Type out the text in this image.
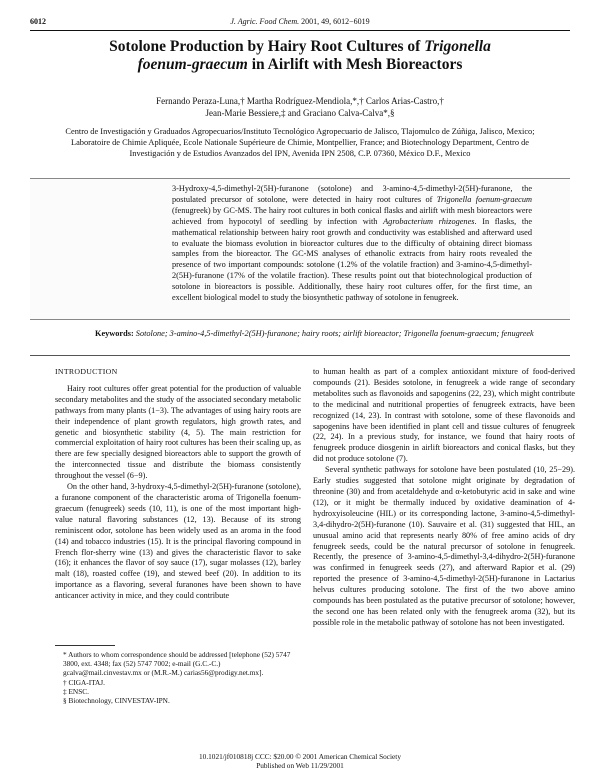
6012	J. Agric. Food Chem. 2001, 49, 6012−6019
Sotolone Production by Hairy Root Cultures of Trigonella
foenum-graecum in Airlift with Mesh Bioreactors
Fernando Peraza-Luna,† Martha Rodríguez-Mendiola,*,† Carlos Arias-Castro,†
Jean-Marie Bessiere,‡ and Graciano Calva-Calva*,§
Centro de Investigación y Graduados Agropecuarios/Instituto Tecnológico Agropecuario de Jalisco, Tlajomulco de Zúñiga, Jalisco, Mexico; Laboratoire de Chimie Apliquée, Ecole Nationale Supérieure de Chimie, Montpellier, France; and Biotechnology Department, Centro de Investigación y de Estudios Avanzados del IPN, Avenida IPN 2508, C.P. 07360, México D.F., Mexico
3-Hydroxy-4,5-dimethyl-2(5H)-furanone (sotolone) and 3-amino-4,5-dimethyl-2(5H)-furanone, the postulated precursor of sotolone, were detected in hairy root cultures of Trigonella foenum-graecum (fenugreek) by GC-MS. The hairy root cultures in both conical flasks and airlift with mesh bioreactors were achieved from hypocotyl of seedling by infection with Agrobacterium rhizogenes. In flasks, the mathematical relationship between hairy root growth and conductivity was established and afterward used to evaluate the biomass evolution in bioreactor cultures due to the difficulty of obtaining direct biomass samples from the bioreactor. The GC-MS analyses of ethanolic extracts from hairy roots revealed the presence of two important compounds: sotolone (1.2% of the volatile fraction) and 3-amino-4,5-dimethyl-2(5H)-furanone (17% of the volatile fraction). These results point out that biotechnological production of sotolone in bioreactors is possible. Additionally, these hairy root cultures offer, for the first time, an excellent biological model to study the biosynthetic pathway of sotolone in fenugreek.
Keywords: Sotolone; 3-amino-4,5-dimethyl-2(5H)-furanone; hairy roots; airlift bioreactor; Trigonella foenum-graecum; fenugreek
INTRODUCTION

Hairy root cultures offer great potential for the production of valuable secondary metabolites and the study of the associated secondary metabolic pathways from many plants (1−3). The advantages of using hairy roots are their independence of plant growth regulators, high growth rates, and genetic and biosynthetic stability (4, 5). The main restriction for commercial exploitation of hairy root cultures has been their scaling up, as there are few specially designed bioreactors able to support the growth of the interconnected tissue and distribute the biomass consistently throughout the vessel (6−9).

On the other hand, 3-hydroxy-4,5-dimethyl-2(5H)-furanone (sotolone), a furanone component of the characteristic aroma of Trigonella foenum-graecum (fenugreek) seeds (10, 11), is one of the most important high-value natural flavoring substances (12, 13). Because of its strong reminiscent odor, sotolone has been widely used as an aroma in the food (14) and tobacco industries (15). It is the principal flavoring compound in French flor-sherry wine (13) and gives the characteristic flavor to sake (16); it enhances the flavor of soy sauce (17), sugar molasses (12), barley malt (18), roasted coffee (19), and stewed beef (20). In addition to its importance as a flavoring, several furanones have been shown to have anticancer activity in mice, and they could contribute

to human health as part of a complex antioxidant mixture of food-derived compounds (21). Besides sotolone, in fenugreek a wide range of secondary metabolites such as flavonoids and sapogenins (22, 23), which might contribute to the medicinal and nutritional properties of fenugreek extracts, have been recognized (14, 23). In contrast with sotolone, some of these flavonoids and sapogenins have been identified in plant cell and tissue cultures of fenugreek (22, 24). In a previous study, for instance, we found that hairy roots of fenugreek produce diosgenin in airlift bioreactors and conical flasks, but they did not produce sotolone (7).

Several synthetic pathways for sotolone have been postulated (10, 25−29). Early studies suggested that sotolone might originate by degradation of threonine (30) and from acetaldehyde and α-ketobutyric acid in sake and wine (12), or it might be thermally induced by oxidative deamination of 4-hydroxyisoleucine (HIL) or its corresponding lactone, 3-amino-4,5-dimethyl-3,4-dihydro-2(5H)-furanone (10). Sauvaire et al. (31) suggested that HIL, an unusual amino acid that represents nearly 80% of free amino acids of dry fenugreek seeds, could be the natural precursor of sotolone in fenugreek. Recently, the presence of 3-amino-4,5-dimethyl-3,4-dihydro-2(5H)-furanone was confirmed in fenugreek seeds (27), and afterward Rapior et al. (29) reported the presence of 3-amino-4,5-dimethyl-2(5H)-furanone in Lactarius helvus cultures producing sotolone. The first of the two above amino compounds has been postulated as the putative precursor of sotolone; however, the second one has been related only with the fenugreek aroma (32), but its possible role in the metabolic pathway of sotolone has not been investigated.

* Authors to whom correspondence should be addressed [telephone (52) 5747 3800, ext. 4348; fax (52) 5747 7002; e-mail (G.C.-C.) gcalva@mail.cinvestav.mx or (M.R.-M.) carias56@prodigy.net.mx].
† CIGA-ITAJ.
‡ ENSC.
§ Biotechnology, CINVESTAV-IPN.
10.1021/jf010818j CCC: $20.00 © 2001 American Chemical Society
Published on Web 11/29/2001
